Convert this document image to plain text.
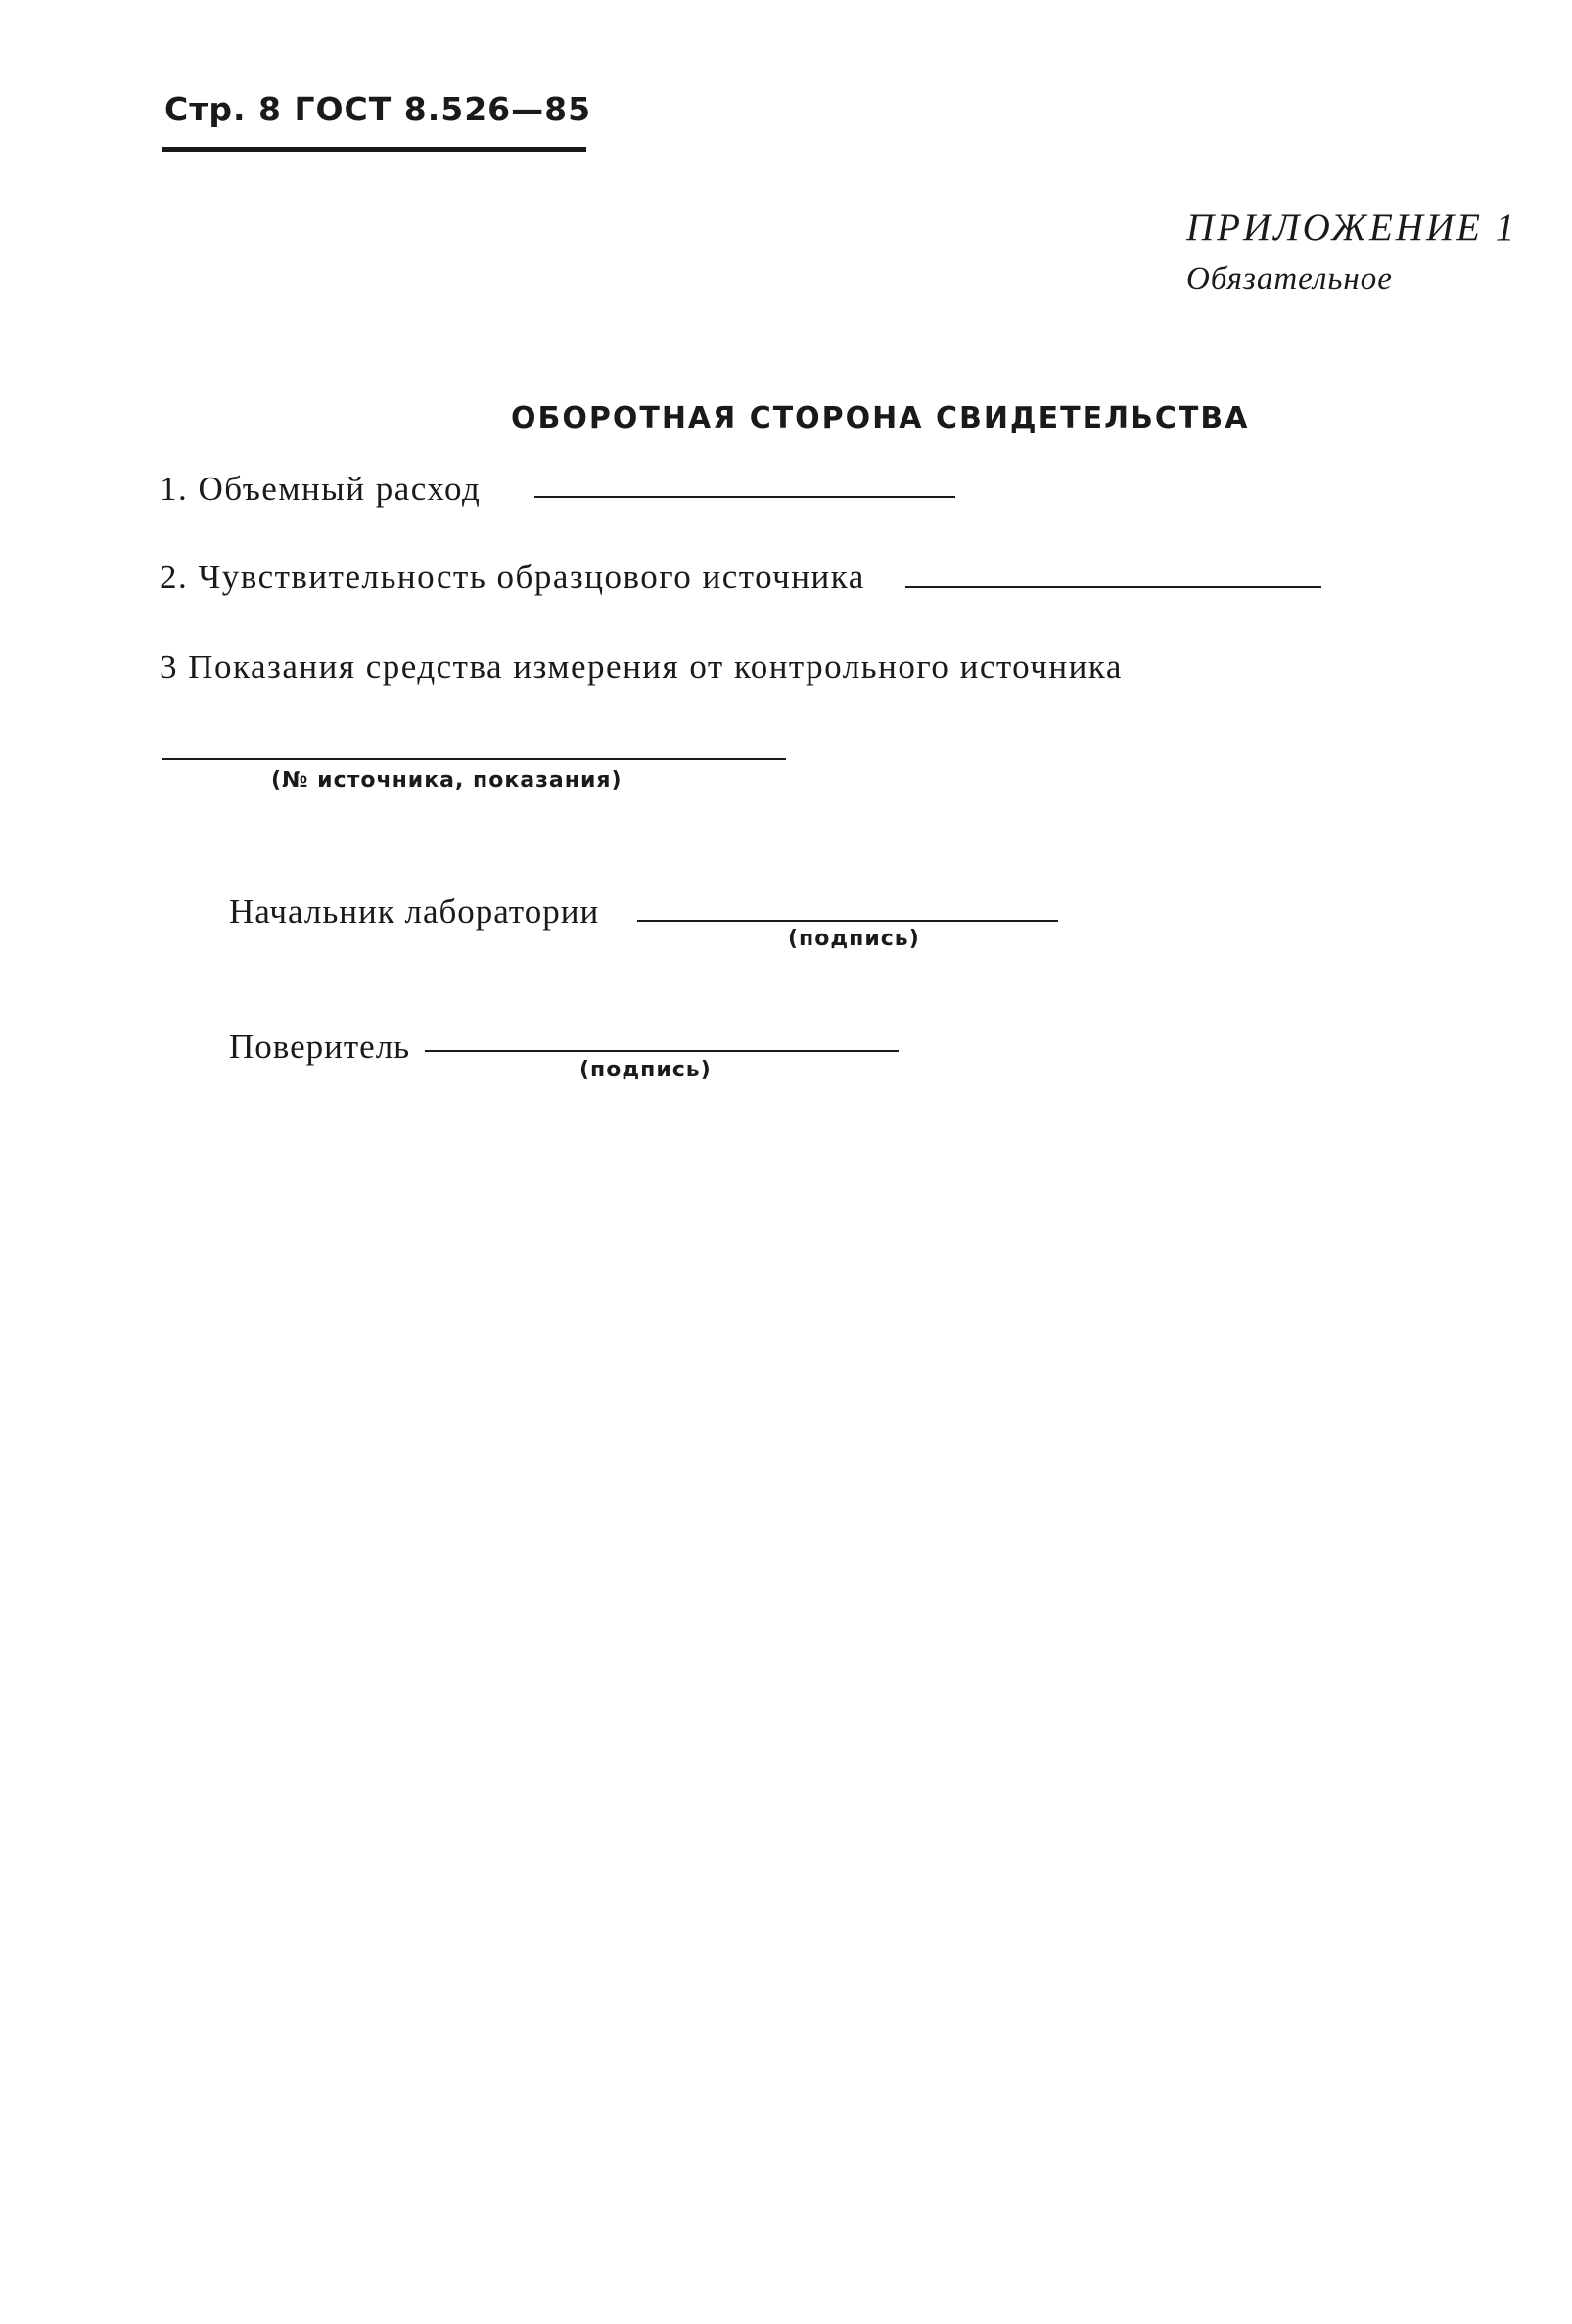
Стр. 8 ГОСТ 8.526—85
ПРИЛОЖЕНИЕ 1
Обязательное
ОБОРОТНАЯ СТОРОНА СВИДЕТЕЛЬСТВА
1. Объемный расход
2. Чувствительность образцового источника
3 Показания средства измерения от контрольного источника
(№ источника, показания)
Начальник лаборатории
(подпись)
Поверитель
(подпись)
